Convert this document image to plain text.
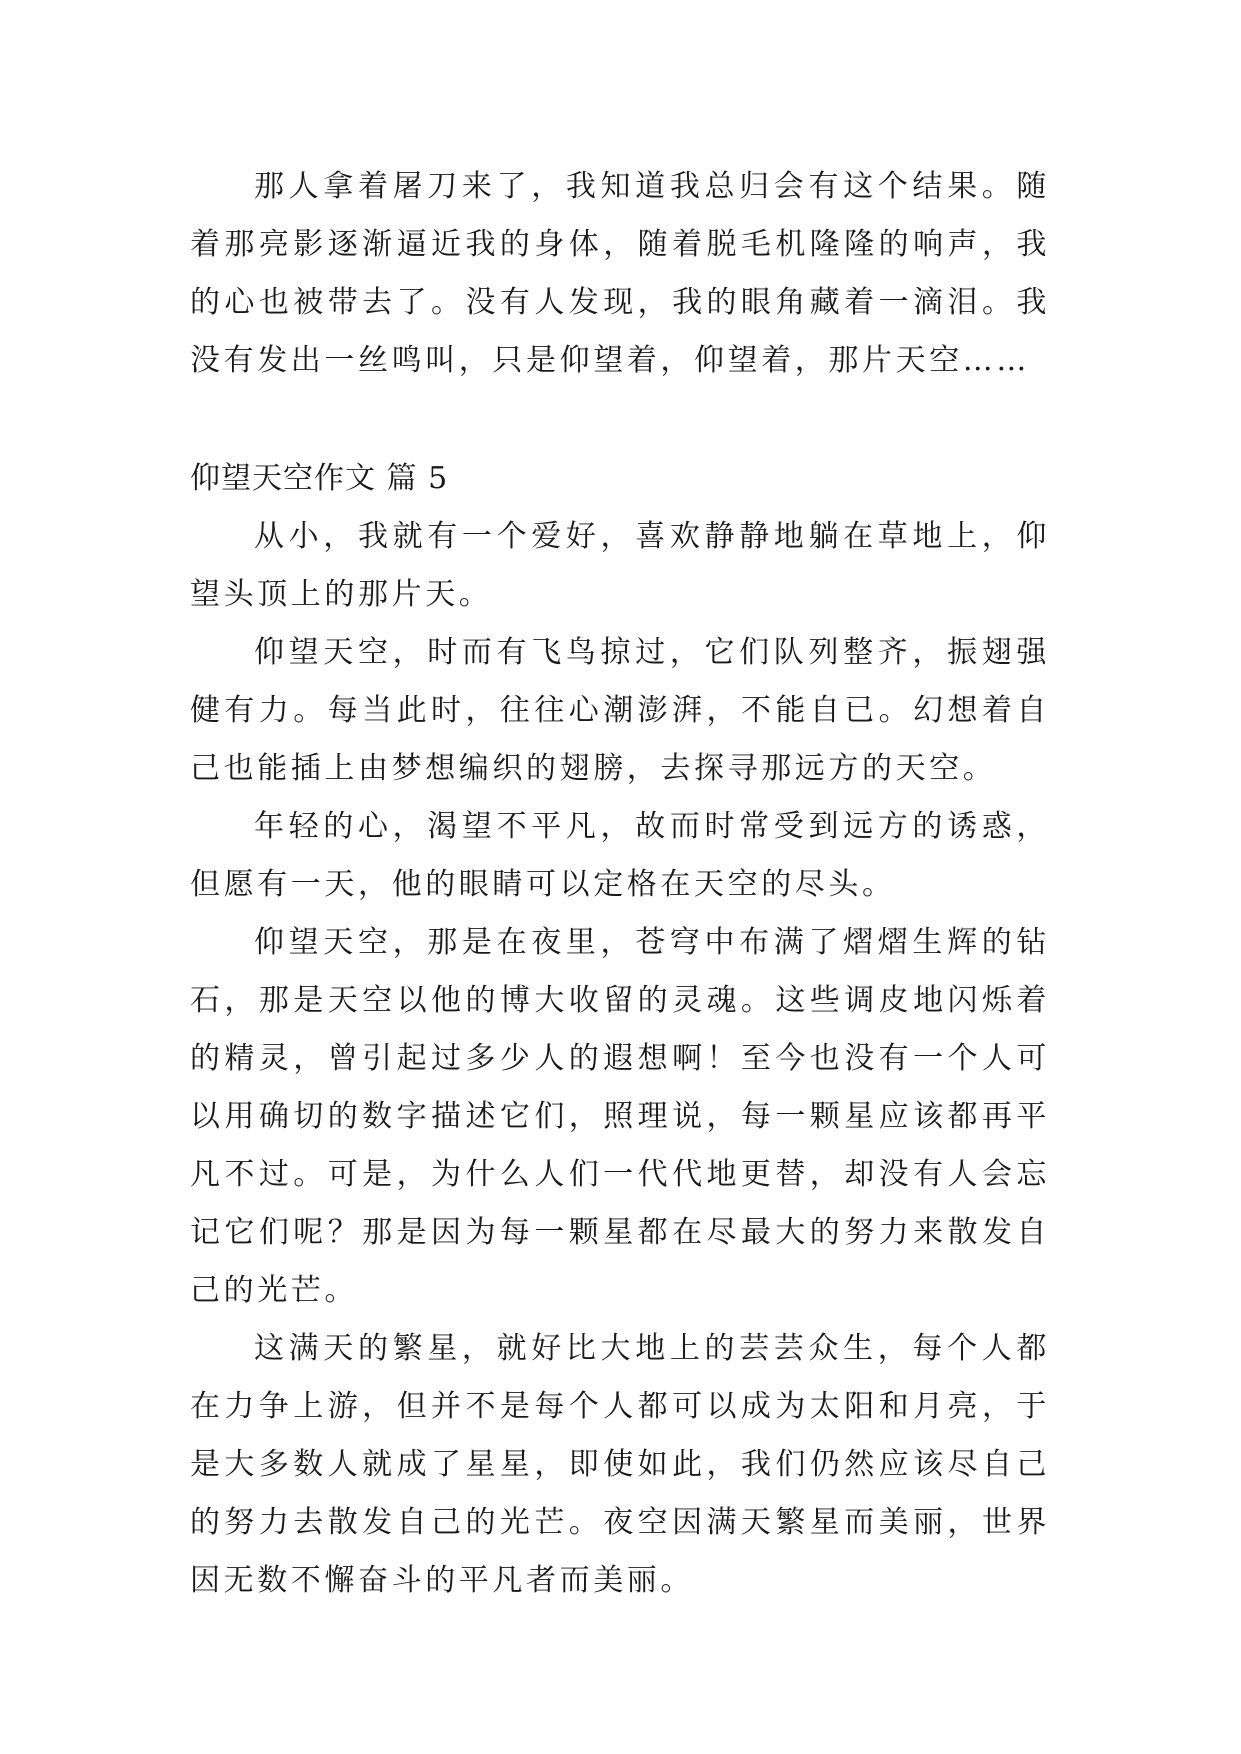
那人拿着屠刀来了，我知道我总归会有这个结果。随着那亮影逐渐逼近我的身体，随着脱毛机隆隆的响声，我的心也被带去了。没有人发现，我的眼角藏着一滴泪。我没有发出一丝鸣叫，只是仰望着，仰望着，那片天空……

仰望天空作文 篇 5

从小，我就有一个爱好，喜欢静静地躺在草地上，仰望头顶上的那片天。

仰望天空，时而有飞鸟掠过，它们队列整齐，振翅强健有力。每当此时，往往心潮澎湃，不能自已。幻想着自己也能插上由梦想编织的翅膀，去探寻那远方的天空。

年轻的心，渴望不平凡，故而时常受到远方的诱惑，但愿有一天，他的眼睛可以定格在天空的尽头。

仰望天空，那是在夜里，苍穹中布满了熠熠生辉的钻石，那是天空以他的博大收留的灵魂。这些调皮地闪烁着的精灵，曾引起过多少人的遐想啊！至今也没有一个人可以用确切的数字描述它们，照理说，每一颗星应该都再平凡不过。可是，为什么人们一代代地更替，却没有人会忘记它们呢？那是因为每一颗星都在尽最大的努力来散发自己的光芒。

这满天的繁星，就好比大地上的芸芸众生，每个人都在力争上游，但并不是每个人都可以成为太阳和月亮，于是大多数人就成了星星，即使如此，我们仍然应该尽自己的努力去散发自己的光芒。夜空因满天繁星而美丽，世界因无数不懈奋斗的平凡者而美丽。
